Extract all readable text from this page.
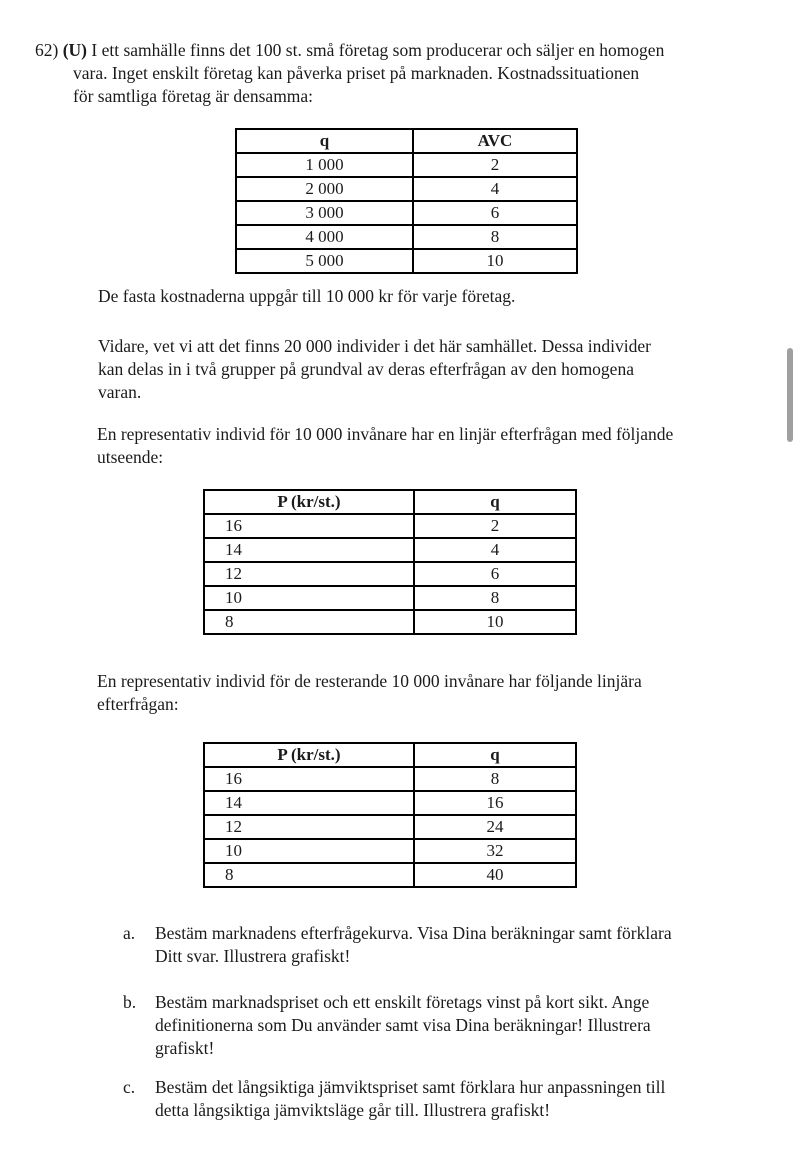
62) (U) I ett samhälle finns det 100 st. små företag som producerar och säljer en homogen
vara. Inget enskilt företag kan påverka priset på marknaden. Kostnadssituationen
för samtliga företag är densamma:
q	AVC
1 000	2
2 000	4
3 000	6
4 000	8
5 000	10
De fasta kostnaderna uppgår till 10 000 kr för varje företag.
Vidare, vet vi att det finns 20 000 individer i det här samhället. Dessa individer
kan delas in i två grupper på grundval av deras efterfrågan av den homogena
varan.
En representativ individ för 10 000 invånare har en linjär efterfrågan med följande
utseende:
P (kr/st.)	q
16	2
14	4
12	6
10	8
8	10
En representativ individ för de resterande 10 000 invånare har följande linjära
efterfrågan:
P (kr/st.)	q
16	8
14	16
12	24
10	32
8	40
a.	Bestäm marknadens efterfrågekurva. Visa Dina beräkningar samt förklara
Ditt svar. Illustrera grafiskt!
b.	Bestäm marknadspriset och ett enskilt företags vinst på kort sikt. Ange
definitionerna som Du använder samt visa Dina beräkningar! Illustrera
grafiskt!
c.	Bestäm det långsiktiga jämviktspriset samt förklara hur anpassningen till
detta långsiktiga jämviktsläge går till. Illustrera grafiskt!
